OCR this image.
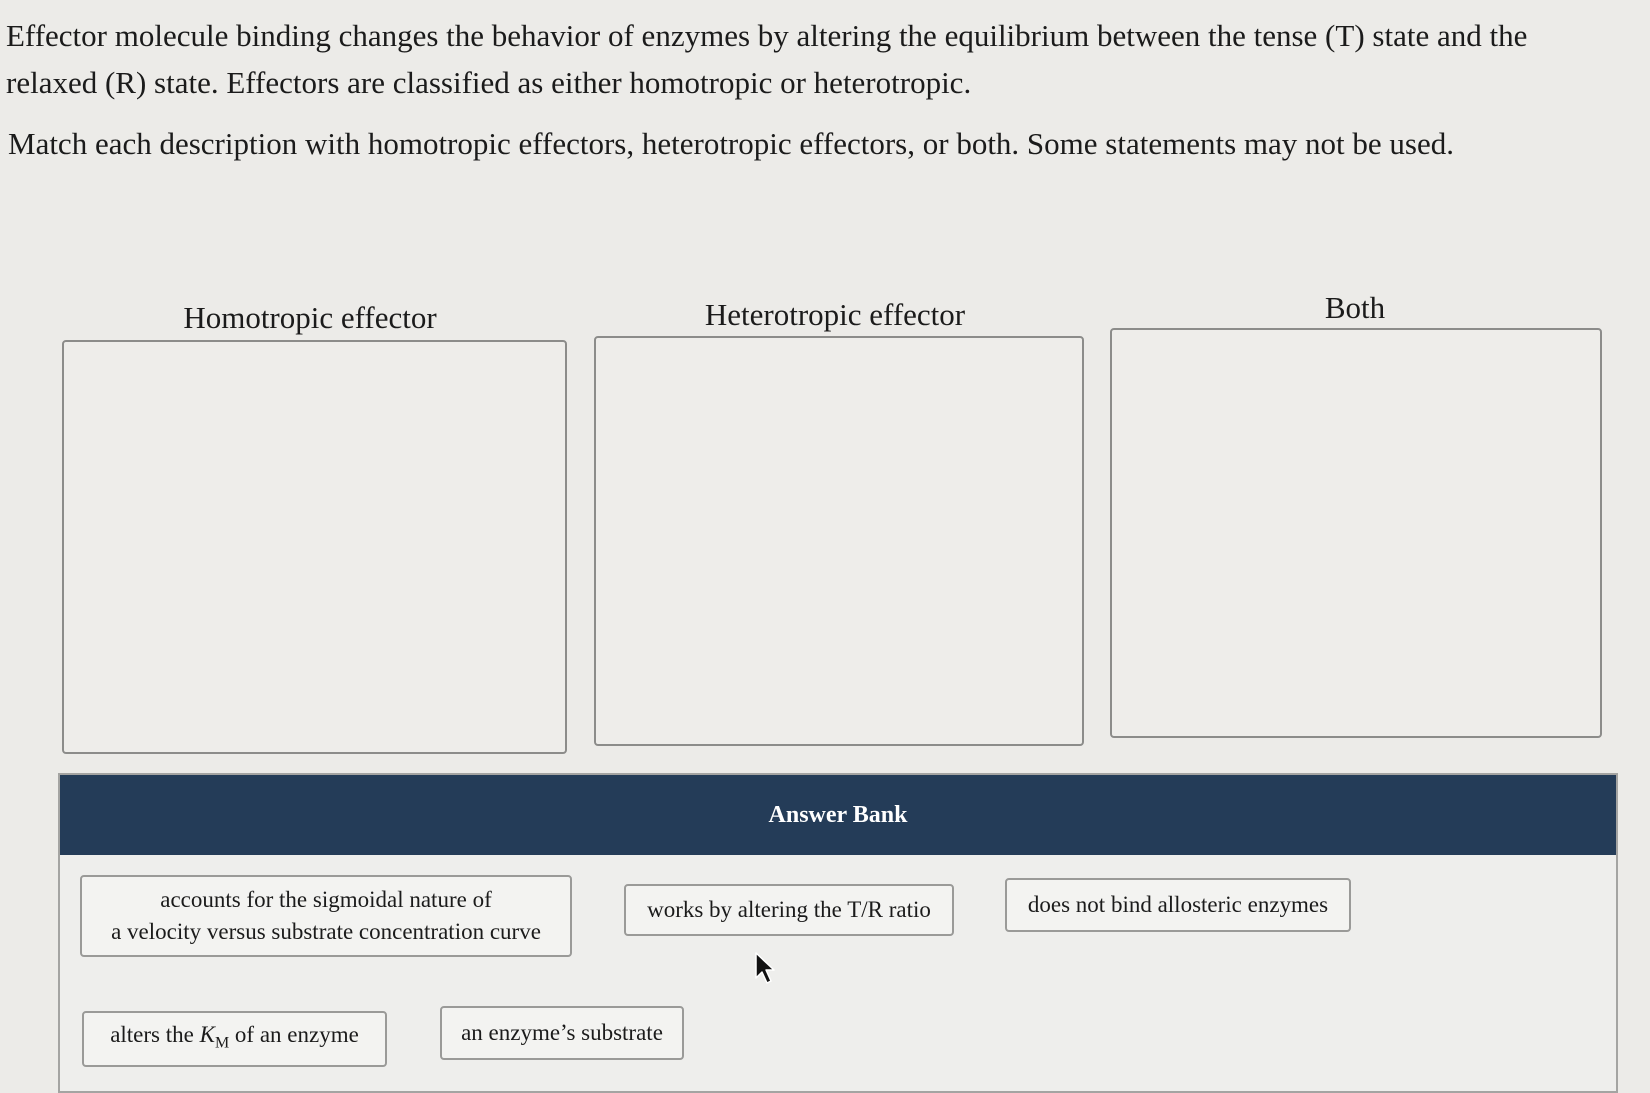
Effector molecule binding changes the behavior of enzymes by altering the equilibrium between the tense (T) state and the
relaxed (R) state. Effectors are classified as either homotropic or heterotropic.
Match each description with homotropic effectors, heterotropic effectors, or both. Some statements may not be used.
Homotropic effector	Heterotropic effector	Both
Answer Bank
accounts for the sigmoidal nature of
a velocity versus substrate concentration curve
works by altering the T/R ratio	does not bind allosteric enzymes
alters the $K_M$ of an enzyme	an enzyme’s substrate
